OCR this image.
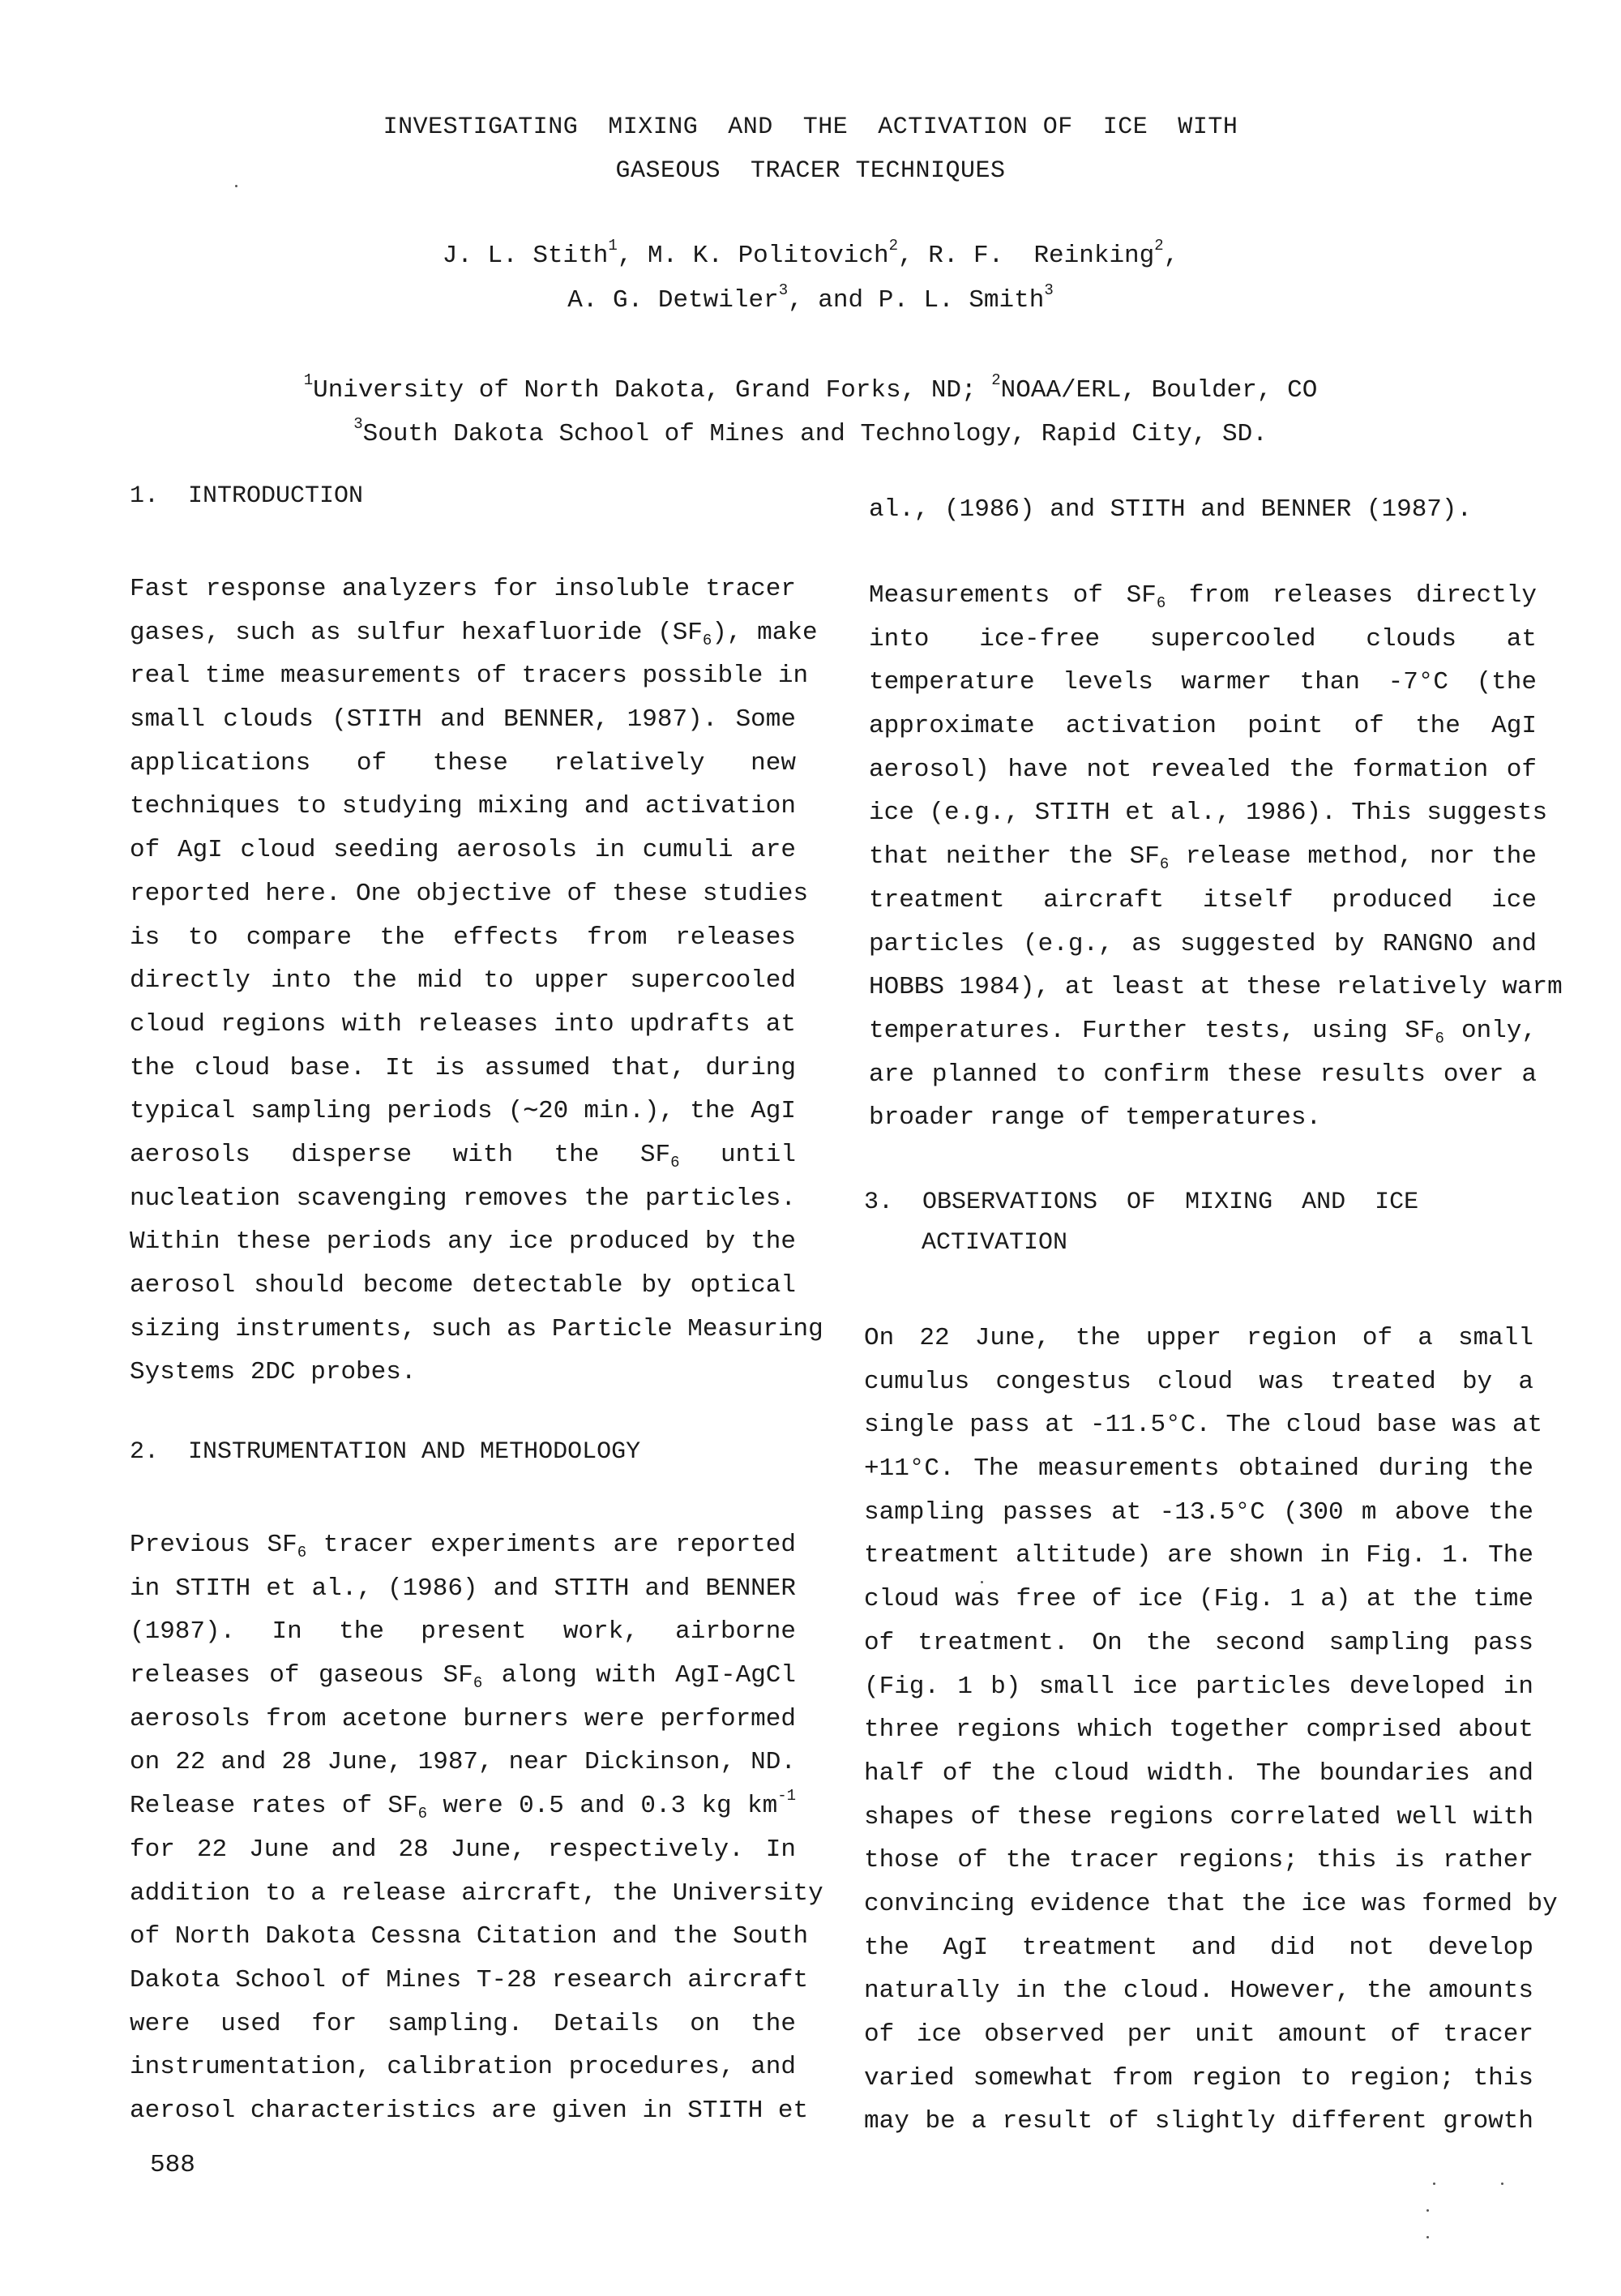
INVESTIGATING  MIXING  AND  THE  ACTIVATION OF  ICE  WITH
GASEOUS  TRACER TECHNIQUES
J. L. Stith$^1$, M. K. Politovich$^2$, R. F.  Reinking$^2$,
A. G. Detwiler$^3$, and P. L. Smith$^3$
$^1$University of North Dakota, Grand Forks, ND; $^2$NOAA/ERL, Boulder, CO
$^3$South Dakota School of Mines and Technology, Rapid City, SD.
1.  INTRODUCTION
2.  INSTRUMENTATION AND METHODOLOGY
3.  OBSERVATIONS  OF  MIXING  AND  ICE
ACTIVATION
Fast response analyzers for insoluble tracer
gases, such as sulfur hexafluoride $(SF_6)$, make
real time measurements of tracers possible in
small clouds (STITH and BENNER, 1987). Some
applications of these relatively new
techniques to studying mixing and activation
of AgI cloud seeding aerosols in cumuli are
reported here. One objective of these studies
is to compare the effects from releases
directly into the mid to upper supercooled
cloud regions with releases into updrafts at
the cloud base. It is assumed that, during
typical sampling periods (∼20 min.), the AgI
aerosols disperse with the $SF_6$ until
nucleation scavenging removes the particles.
Within these periods any ice produced by the
aerosol should become detectable by optical
sizing instruments, such as Particle Measuring
Systems 2DC probes.
Previous $SF_6$ tracer experiments are reported
in STITH et al., (1986) and STITH and BENNER
(1987). In the present work, airborne
releases of gaseous $SF_6$ along with AgI-AgCl
aerosols from acetone burners were performed
on 22 and 28 June, 1987, near Dickinson, ND.
Release rates of $SF_6$ were 0.5 and 0.3 kg $km^{-1}$
for 22 June and 28 June, respectively. In
addition to a release aircraft, the University
of North Dakota Cessna Citation and the South
Dakota School of Mines T-28 research aircraft
were used for sampling. Details on the
instrumentation, calibration procedures, and
aerosol characteristics are given in STITH et
al., (1986) and STITH and BENNER (1987).
Measurements of $SF_6$ from releases directly
into ice-free supercooled clouds at
temperature levels warmer than -7°C (the
approximate activation point of the AgI
aerosol) have not revealed the formation of
ice (e.g., STITH et al., 1986). This suggests
that neither the $SF_6$ release method, nor the
treatment aircraft itself produced ice
particles (e.g., as suggested by RANGNO and
HOBBS 1984), at least at these relatively warm
temperatures. Further tests, using $SF_6$ only,
are planned to confirm these results over a
broader range of temperatures.
On 22 June, the upper region of a small
cumulus congestus cloud was treated by a
single pass at -11.5°C. The cloud base was at
+11°C. The measurements obtained during the
sampling passes at -13.5°C (300 m above the
treatment altitude) are shown in Fig. 1. The
cloud was free of ice (Fig. 1 a) at the time
of treatment. On the second sampling pass
(Fig. 1 b) small ice particles developed in
three regions which together comprised about
half of the cloud width. The boundaries and
shapes of these regions correlated well with
those of the tracer regions; this is rather
convincing evidence that the ice was formed by
the AgI treatment and did not develop
naturally in the cloud. However, the amounts
of ice observed per unit amount of tracer
varied somewhat from region to region; this
may be a result of slightly different growth
588
